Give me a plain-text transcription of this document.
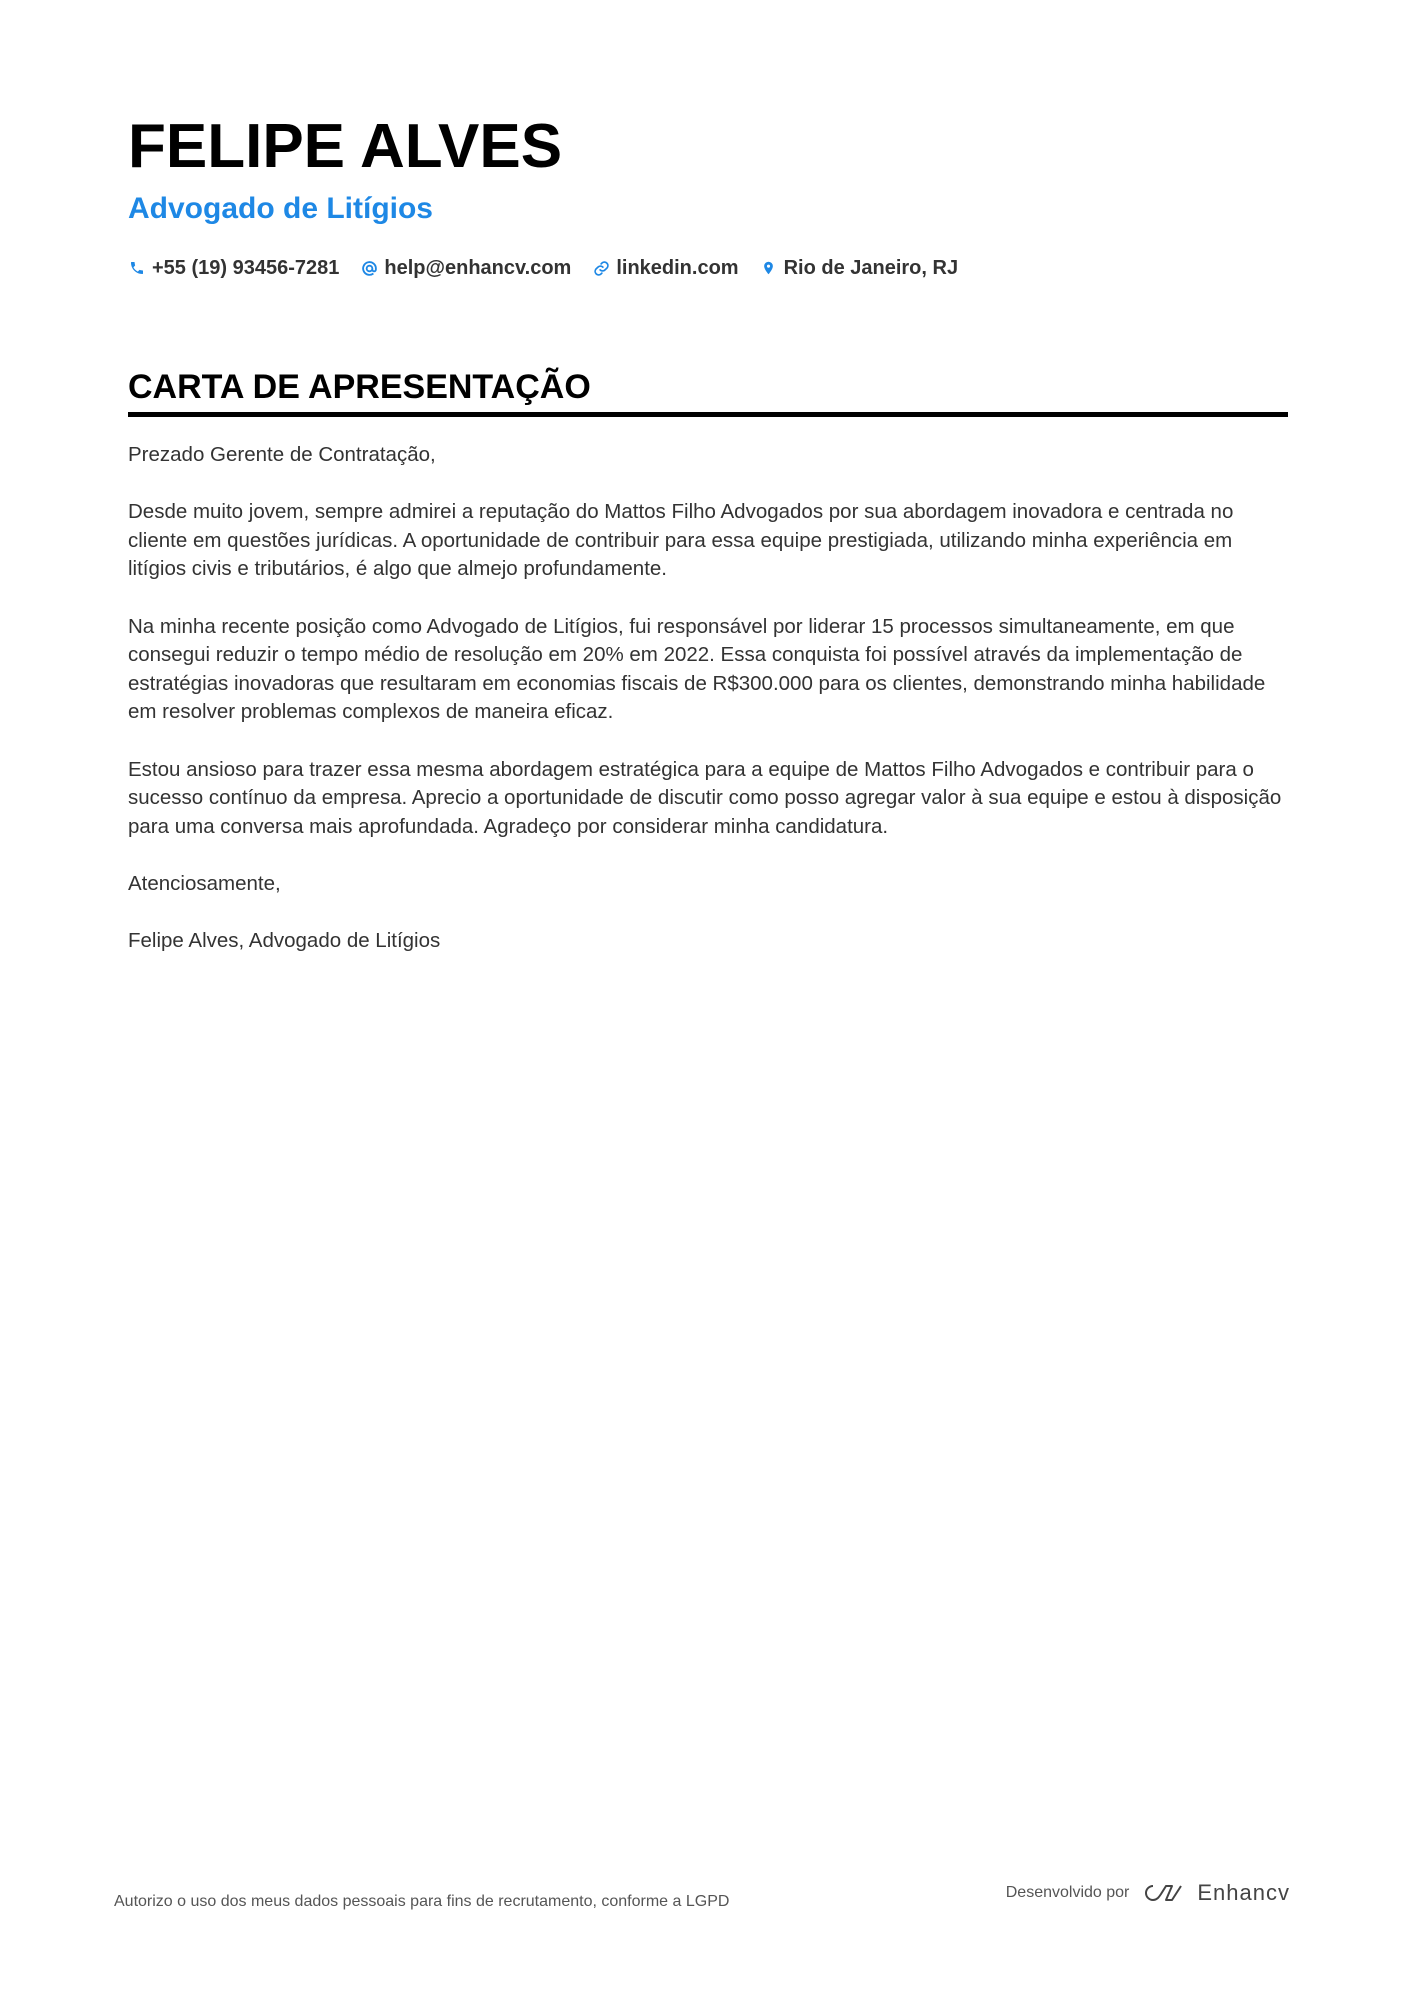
FELIPE ALVES
Advogado de Litígios
+55 (19) 93456-7281 help@enhancv.com linkedin.com Rio de Janeiro, RJ
CARTA DE APRESENTAÇÃO

Prezado Gerente de Contratação,

Desde muito jovem, sempre admirei a reputação do Mattos Filho Advogados por sua abordagem inovadora e centrada no cliente em questões jurídicas. A oportunidade de contribuir para essa equipe prestigiada, utilizando minha experiência em litígios civis e tributários, é algo que almejo profundamente.

Na minha recente posição como Advogado de Litígios, fui responsável por liderar 15 processos simultaneamente, em que consegui reduzir o tempo médio de resolução em 20% em 2022. Essa conquista foi possível através da implementação de estratégias inovadoras que resultaram em economias fiscais de R$300.000 para os clientes, demonstrando minha habilidade em resolver problemas complexos de maneira eficaz.

Estou ansioso para trazer essa mesma abordagem estratégica para a equipe de Mattos Filho Advogados e contribuir para o sucesso contínuo da empresa. Aprecio a oportunidade de discutir como posso agregar valor à sua equipe e estou à disposição para uma conversa mais aprofundada. Agradeço por considerar minha candidatura.

Atenciosamente,

Felipe Alves, Advogado de Litígios

Autorizo o uso dos meus dados pessoais para fins de recrutamento, conforme a LGPD
Desenvolvido por	Enhancv
